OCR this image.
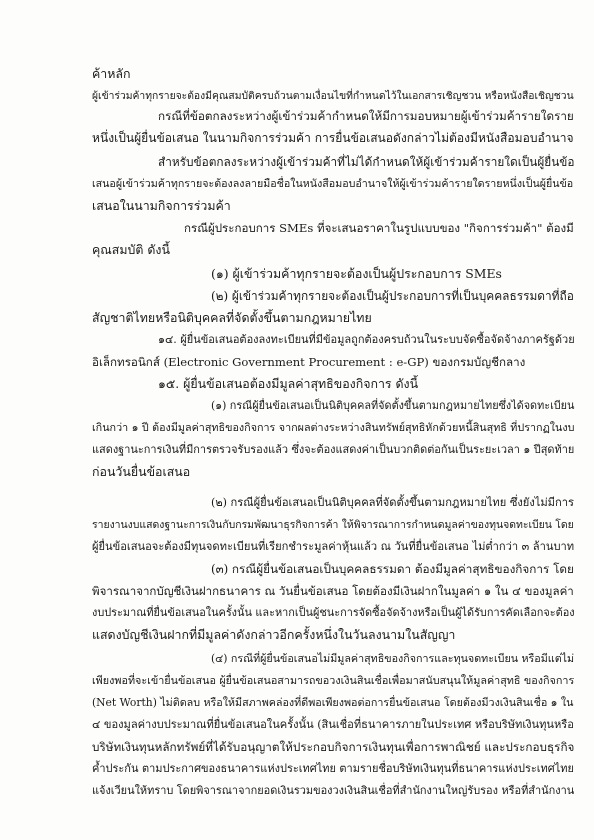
ค้าหลัก
ผู้เข้าร่วมค้าทุกรายจะต้องมีคุณสมบัติครบถ้วนตามเงื่อนไขที่กำหนดไว้ในเอกสารเชิญชวน หรือหนังสือเชิญชวน
กรณีที่ข้อตกลงระหว่างผู้เข้าร่วมค้ากำหนดให้มีการมอบหมายผู้เข้าร่วมค้ารายใดราย
หนึ่งเป็นผู้ยื่นข้อเสนอ ในนามกิจการร่วมค้า การยื่นข้อเสนอดังกล่าวไม่ต้องมีหนังสือมอบอำนาจ
สำหรับข้อตกลงระหว่างผู้เข้าร่วมค้าที่ไม่ได้กำหนดให้ผู้เข้าร่วมค้ารายใดเป็นผู้ยื่นข้อ
เสนอผู้เข้าร่วมค้าทุกรายจะต้องลงลายมือชื่อในหนังสือมอบอำนาจให้ผู้เข้าร่วมค้ารายใดรายหนึ่งเป็นผู้ยื่นข้อ
เสนอในนามกิจการร่วมค้า
กรณีผู้ประกอบการ SMEs ที่จะเสนอราคาในรูปแบบของ "กิจการร่วมค้า" ต้องมี
คุณสมบัติ ดังนี้
(๑) ผู้เข้าร่วมค้าทุกรายจะต้องเป็นผู้ประกอบการ SMEs
(๒) ผู้เข้าร่วมค้าทุกรายจะต้องเป็นผู้ประกอบการที่เป็นบุคคลธรรมดาที่ถือ
สัญชาติไทยหรือนิติบุคคลที่จัดตั้งขึ้นตามกฎหมายไทย
๑๔. ผู้ยื่นข้อเสนอต้องลงทะเบียนที่มีข้อมูลถูกต้องครบถ้วนในระบบจัดซื้อจัดจ้างภาครัฐด้วย
อิเล็กทรอนิกส์ (Electronic Government Procurement : e-GP) ของกรมบัญชีกลาง
๑๕. ผู้ยื่นข้อเสนอต้องมีมูลค่าสุทธิของกิจการ ดังนี้
(๑) กรณีผู้ยื่นข้อเสนอเป็นนิติบุคคลที่จัดตั้งขึ้นตามกฎหมายไทยซึ่งได้จดทะเบียน
เกินกว่า ๑ ปี ต้องมีมูลค่าสุทธิของกิจการ จากผลต่างระหว่างสินทรัพย์สุทธิหักด้วยหนี้สินสุทธิ ที่ปรากฏในงบ
แสดงฐานะการเงินที่มีการตรวจรับรองแล้ว ซึ่งจะต้องแสดงค่าเป็นบวกติดต่อกันเป็นระยะเวลา ๑ ปีสุดท้าย
ก่อนวันยื่นข้อเสนอ
(๒) กรณีผู้ยื่นข้อเสนอเป็นนิติบุคคลที่จัดตั้งขึ้นตามกฎหมายไทย ซึ่งยังไม่มีการ
รายงานงบแสดงฐานะการเงินกับกรมพัฒนาธุรกิจการค้า ให้พิจารณาการกำหนดมูลค่าของทุนจดทะเบียน โดย
ผู้ยื่นข้อเสนอจะต้องมีทุนจดทะเบียนที่เรียกชำระมูลค่าหุ้นแล้ว ณ วันที่ยื่นข้อเสนอ ไม่ต่ำกว่า ๓ ล้านบาท
(๓) กรณีผู้ยื่นข้อเสนอเป็นบุคคลธรรมดา ต้องมีมูลค่าสุทธิของกิจการ โดย
พิจารณาจากบัญชีเงินฝากธนาคาร ณ วันยื่นข้อเสนอ โดยต้องมีเงินฝากในมูลค่า ๑ ใน ๔ ของมูลค่า
งบประมาณที่ยื่นข้อเสนอในครั้งนั้น และหากเป็นผู้ชนะการจัดซื้อจัดจ้างหรือเป็นผู้ได้รับการคัดเลือกจะต้อง
แสดงบัญชีเงินฝากที่มีมูลค่าดังกล่าวอีกครั้งหนึ่งในวันลงนามในสัญญา
(๔) กรณีที่ผู้ยื่นข้อเสนอไม่มีมูลค่าสุทธิของกิจการและทุนจดทะเบียน หรือมีแต่ไม่
เพียงพอที่จะเข้ายื่นข้อเสนอ ผู้ยื่นข้อเสนอสามารถขอวงเงินสินเชื่อเพื่อมาสนับสนุนให้มูลค่าสุทธิ ของกิจการ
(Net Worth) ไม่ติดลบ หรือให้มีสภาพคล่องที่ดีพอเพียงพอต่อการยื่นข้อเสนอ โดยต้องมีวงเงินสินเชื่อ ๑ ใน
๔ ของมูลค่างบประมาณที่ยื่นข้อเสนอในครั้งนั้น (สินเชื่อที่ธนาคารภายในประเทศ หรือบริษัทเงินทุนหรือ
บริษัทเงินทุนหลักทรัพย์ที่ได้รับอนุญาตให้ประกอบกิจการเงินทุนเพื่อการพาณิชย์ และประกอบธุรกิจ
ค้ำประกัน ตามประกาศของธนาคารแห่งประเทศไทย ตามรายชื่อบริษัทเงินทุนที่ธนาคารแห่งประเทศไทย
แจ้งเวียนให้ทราบ โดยพิจารณาจากยอดเงินรวมของวงเงินสินเชื่อที่สำนักงานใหญ่รับรอง หรือที่สำนักงาน
